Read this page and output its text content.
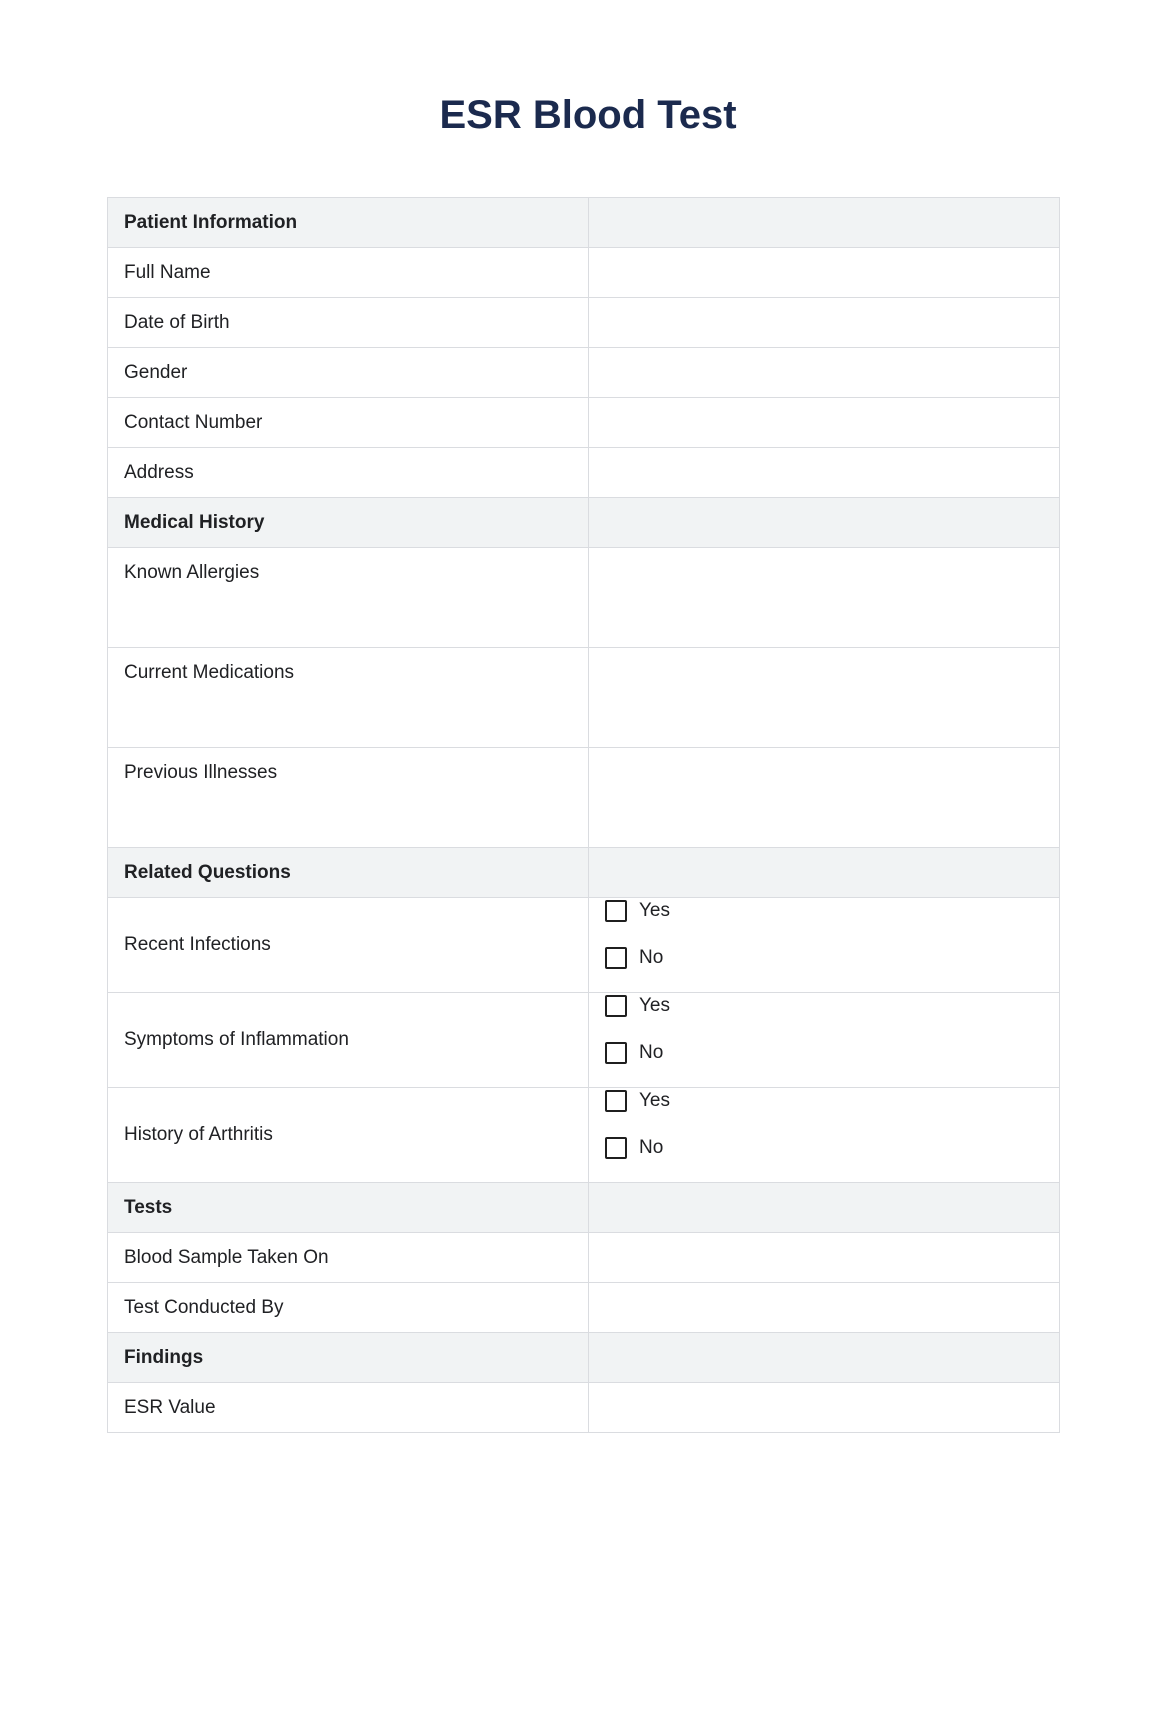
ESR Blood Test
Patient Information	
Full Name	
Date of Birth	
Gender	
Contact Number	
Address	
Medical History	
Known Allergies	
Current Medications	
Previous Illnesses	
Related Questions	
Recent Infections	Yes
No

Symptoms of Inflammation	Yes
No

History of Arthritis	Yes
No

Tests	
Blood Sample Taken On	
Test Conducted By	
Findings	
ESR Value	
